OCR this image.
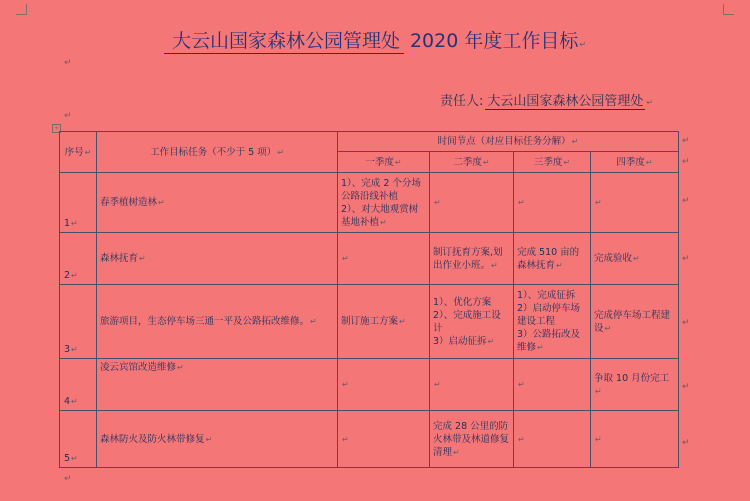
大云山国家森林公园管理处 2020 年度工作目标↵
↵
责任人: 大云山国家森林公园管理处 ↵
↵
+
序号↵	工作目标任务（不少于 5 项）↵	时间节点（对应目标任务分解）↵			
		一季度↵	二季度↵	三季度↵	四季度↵
1↵	春季植树造林↵	1）、完成 2 个分场公路沿线补植
2）、对大地观赏树基地补植↵	↵	↵	↵
2↵	森林抚育↵	↵	制订抚育方案,划出作业小班。↵	完成 510 亩的森林抚育↵	完成验收↵
3↵	旅游项目，生态停车场三通一平及公路拓改维修。↵	制订施工方案↵	1）、优化方案
2）、完成施工设计
3）启动征拆↵	1）、完成征拆
2）启动停车场建设工程
3）公路拓改及维修↵	完成停车场工程建设↵
4↵	凌云宾馆改造维修↵	↵	↵	↵	争取 10 月份完工↵
5↵	森林防火及防火林带修复↵	↵	完成 28 公里的防火林带及林道修复清理↵	↵	↵
↵
↵
↵
↵
↵
↵
↵
↵
